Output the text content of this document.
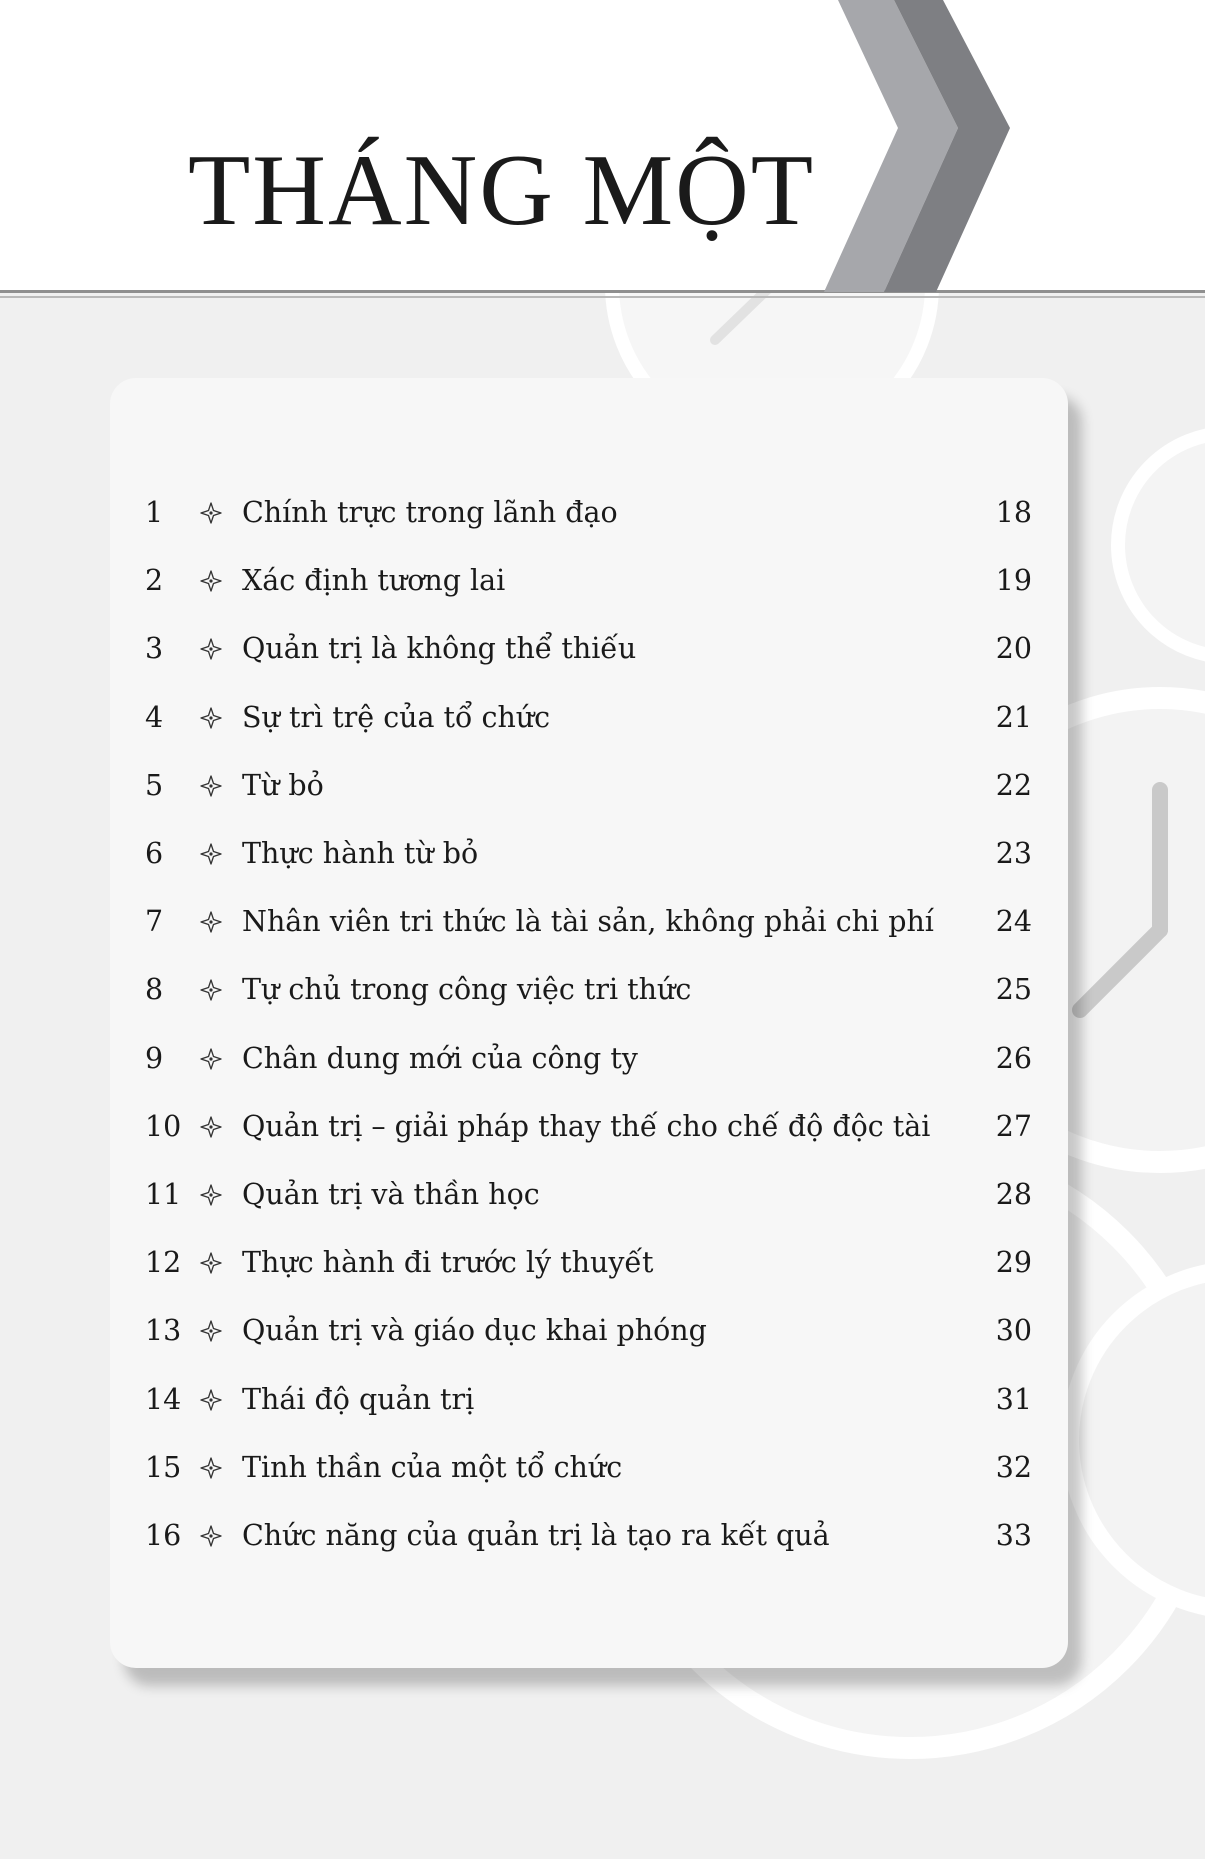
THÁNG MỘT
1	Chính trực trong lãnh đạo	18
2	Xác định tương lai	19
3	Quản trị là không thể thiếu	20
4	Sự trì trệ của tổ chức	21
5	Từ bỏ	22
6	Thực hành từ bỏ	23
7	Nhân viên tri thức là tài sản, không phải chi phí 24
8	Tự chủ trong công việc tri thức	25
9	Chân dung mới của công ty	26
10 Quản trị – giải pháp thay thế cho chế độ độc tài 27
11 Quản trị và thần học	28
12 Thực hành đi trước lý thuyết	29
13 Quản trị và giáo dục khai phóng	30
14 Thái độ quản trị	31
15 Tinh thần của một tổ chức	32
16 Chức năng của quản trị là tạo ra kết quả	33
